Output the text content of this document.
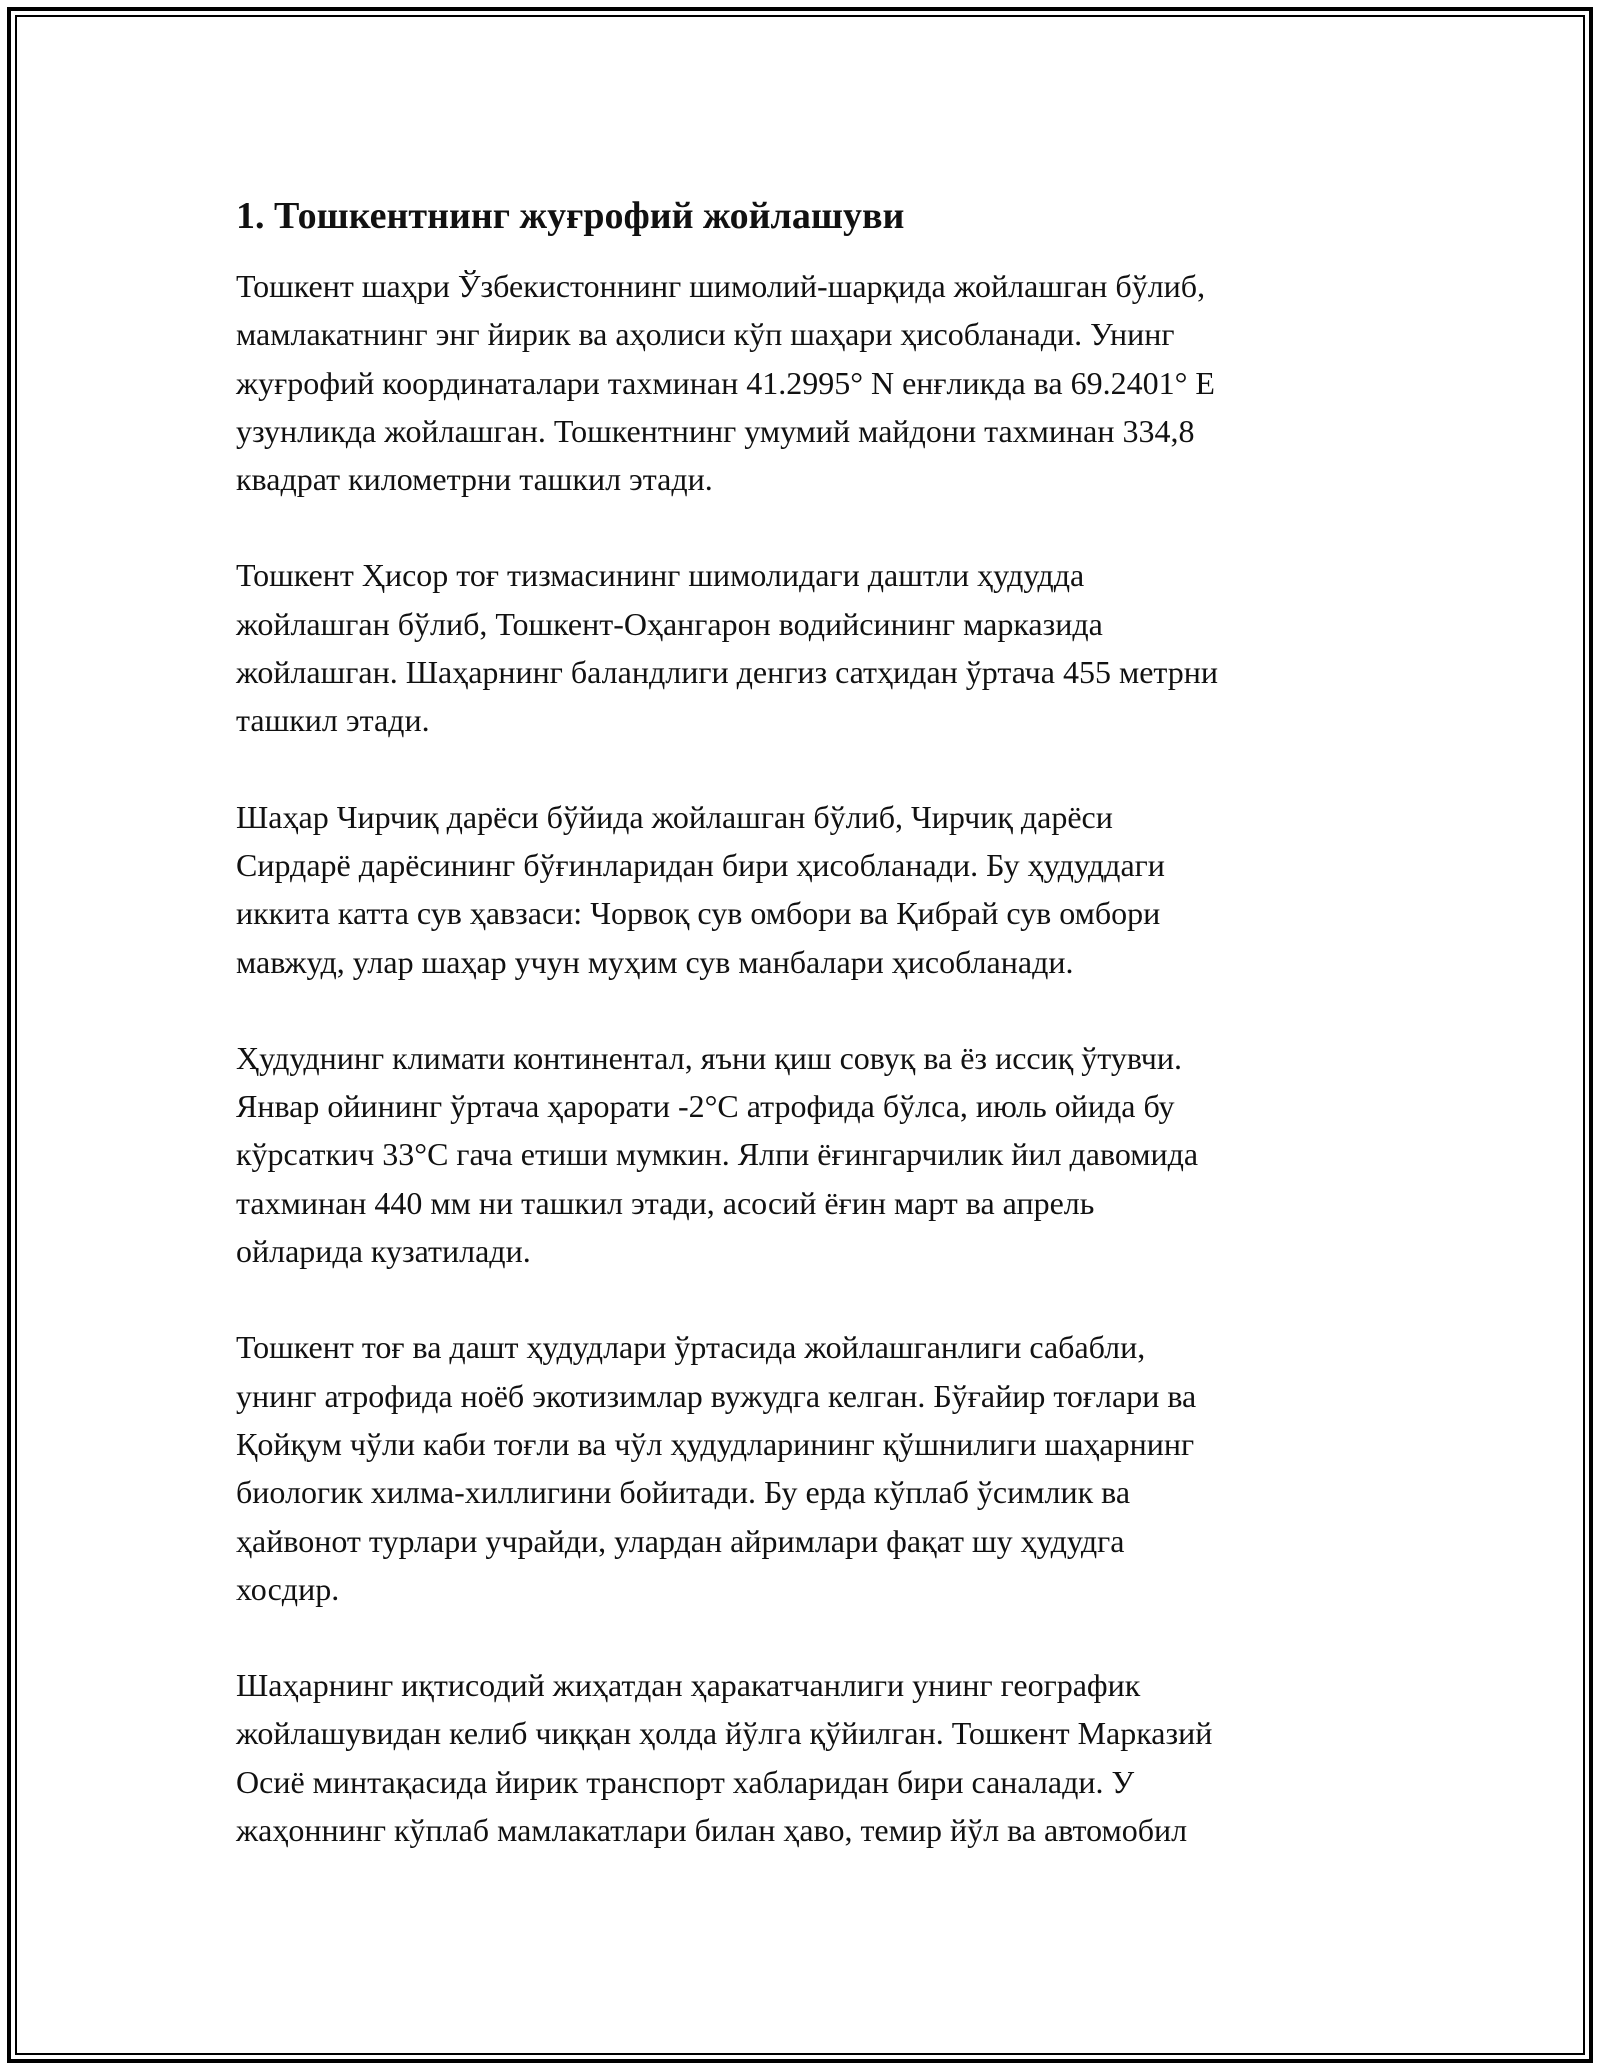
1. Тошкентнинг жуғрофий жойлашуви

Тошкент шаҳри Ўзбекистоннинг шимолий-шарқида жойлашган бўлиб,
мамлакатнинг энг йирик ва аҳолиси кўп шаҳари ҳисобланади. Унинг
жуғрофий координаталари тахминан 41.2995° N енғликда ва 69.2401° E
узунликда жойлашган. Тошкентнинг умумий майдони тахминан 334,8
квадрат километрни ташкил этади.

Тошкент Ҳисор тоғ тизмасининг шимолидаги даштли ҳудудда
жойлашган бўлиб, Тошкент-Оҳангарон водийсининг марказида
жойлашган. Шаҳарнинг баландлиги денгиз сатҳидан ўртача 455 метрни
ташкил этади.

Шаҳар Чирчиқ дарёси бўйида жойлашган бўлиб, Чирчиқ дарёси
Сирдарё дарёсининг бўғинларидан бири ҳисобланади. Бу ҳудуддаги
иккита катта сув ҳавзаси: Чорвоқ сув омбори ва Қибрай сув омбори
мавжуд, улар шаҳар учун муҳим сув манбалари ҳисобланади.

Ҳудуднинг климати континентал, яъни қиш совуқ ва ёз иссиқ ўтувчи.
Январ ойининг ўртача ҳарорати -2°C атрофида бўлса, июль ойида бу
кўрсаткич 33°C гача етиши мумкин. Ялпи ёғингарчилик йил давомида
тахминан 440 мм ни ташкил этади, асосий ёғин март ва апрель
ойларида кузатилади.

Тошкент тоғ ва дашт ҳудудлари ўртасида жойлашганлиги сабабли,
унинг атрофида ноёб экотизимлар вужудга келган. Бўғайир тоғлари ва
Қойқум чўли каби тоғли ва чўл ҳудудларининг қўшнилиги шаҳарнинг
биологик хилма-хиллигини бойитади. Бу ерда кўплаб ўсимлик ва
ҳайвонот турлари учрайди, улардан айримлари фақат шу ҳудудга
хосдир.

Шаҳарнинг иқтисодий жиҳатдан ҳаракатчанлиги унинг географик
жойлашувидан келиб чиққан ҳолда йўлга қўйилган. Тошкент Марказий
Осиё минтақасида йирик транспорт хабларидан бири саналади. У
жаҳоннинг кўплаб мамлакатлари билан ҳаво, темир йўл ва автомобил
